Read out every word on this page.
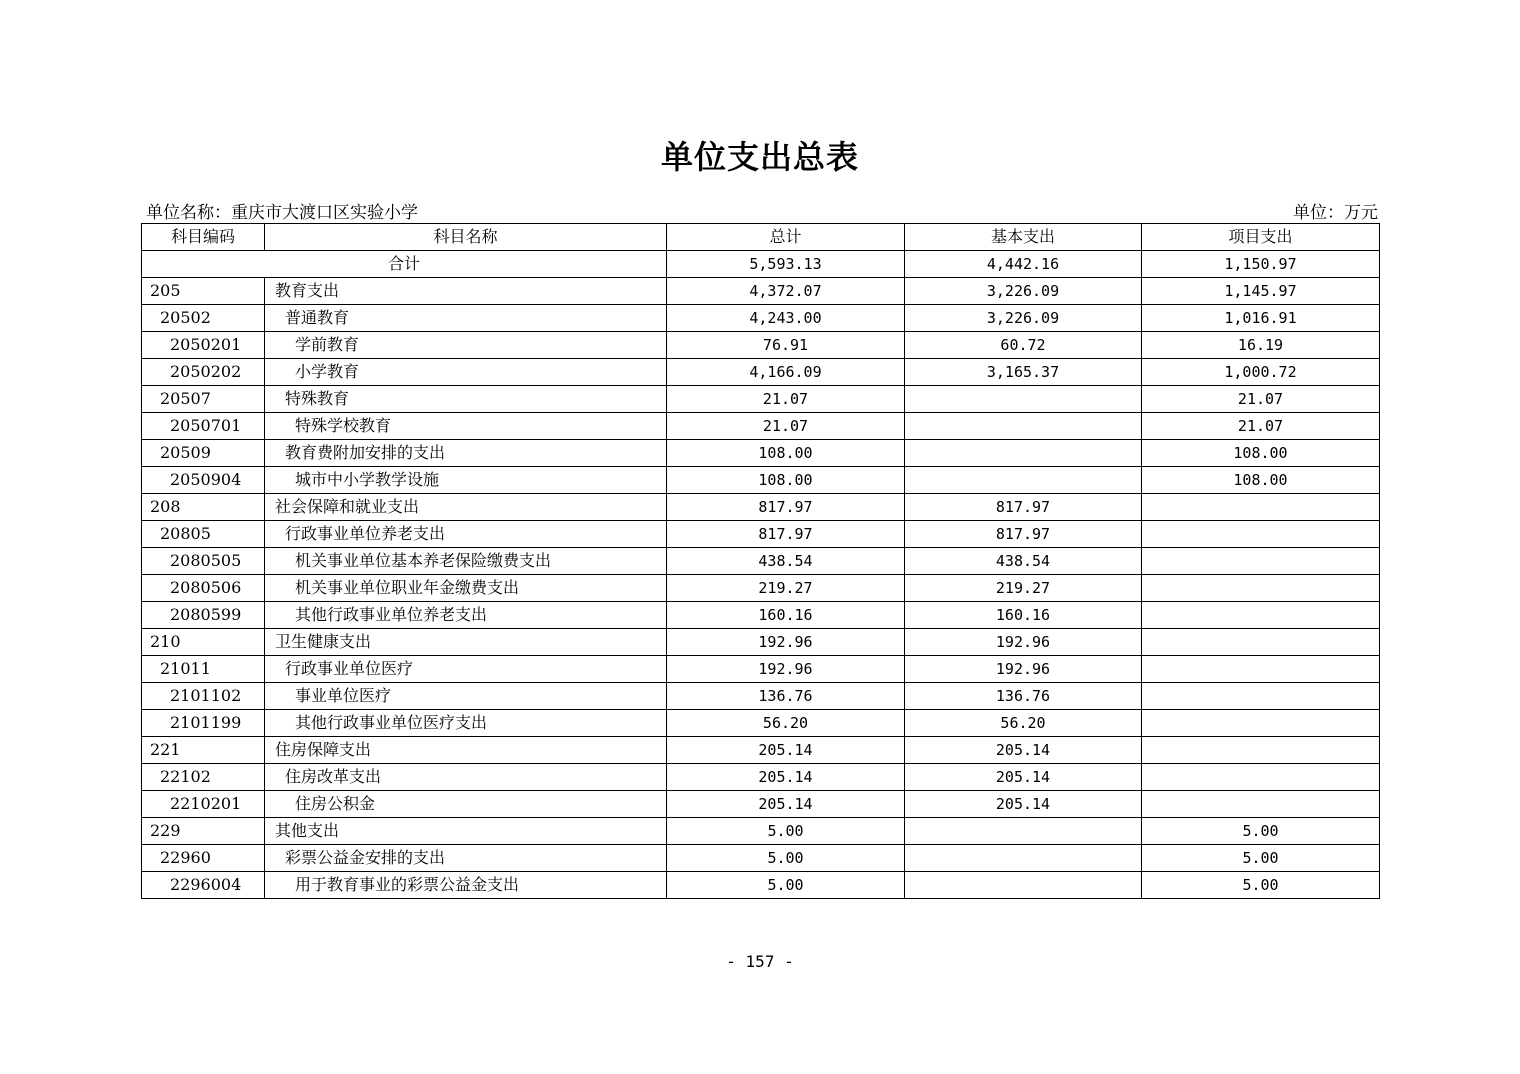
单位支出总表
单位名称：重庆市大渡口区实验小学	单位：万元
科目编码	科目名称	总计	基本支出	项目支出
合计		5,593.13	4,442.16	1,150.97
205	教育支出	4,372.07	3,226.09	1,145.97
20502	普通教育	4,243.00	3,226.09	1,016.91
2050201	学前教育	76.91	60.72	16.19
2050202	小学教育	4,166.09	3,165.37	1,000.72
20507	特殊教育	21.07		21.07
2050701	特殊学校教育	21.07		21.07
20509	教育费附加安排的支出	108.00		108.00
2050904	城市中小学教学设施	108.00		108.00
208	社会保障和就业支出	817.97	817.97	
20805	行政事业单位养老支出	817.97	817.97	
2080505	机关事业单位基本养老保险缴费支出	438.54	438.54	
2080506	机关事业单位职业年金缴费支出	219.27	219.27	
2080599	其他行政事业单位养老支出	160.16	160.16	
210	卫生健康支出	192.96	192.96	
21011	行政事业单位医疗	192.96	192.96	
2101102	事业单位医疗	136.76	136.76	
2101199	其他行政事业单位医疗支出	56.20	56.20	
221	住房保障支出	205.14	205.14	
22102	住房改革支出	205.14	205.14	
2210201	住房公积金	205.14	205.14	
229	其他支出	5.00		5.00
22960	彩票公益金安排的支出	5.00		5.00
2296004	用于教育事业的彩票公益金支出	5.00		5.00
- 157 -
